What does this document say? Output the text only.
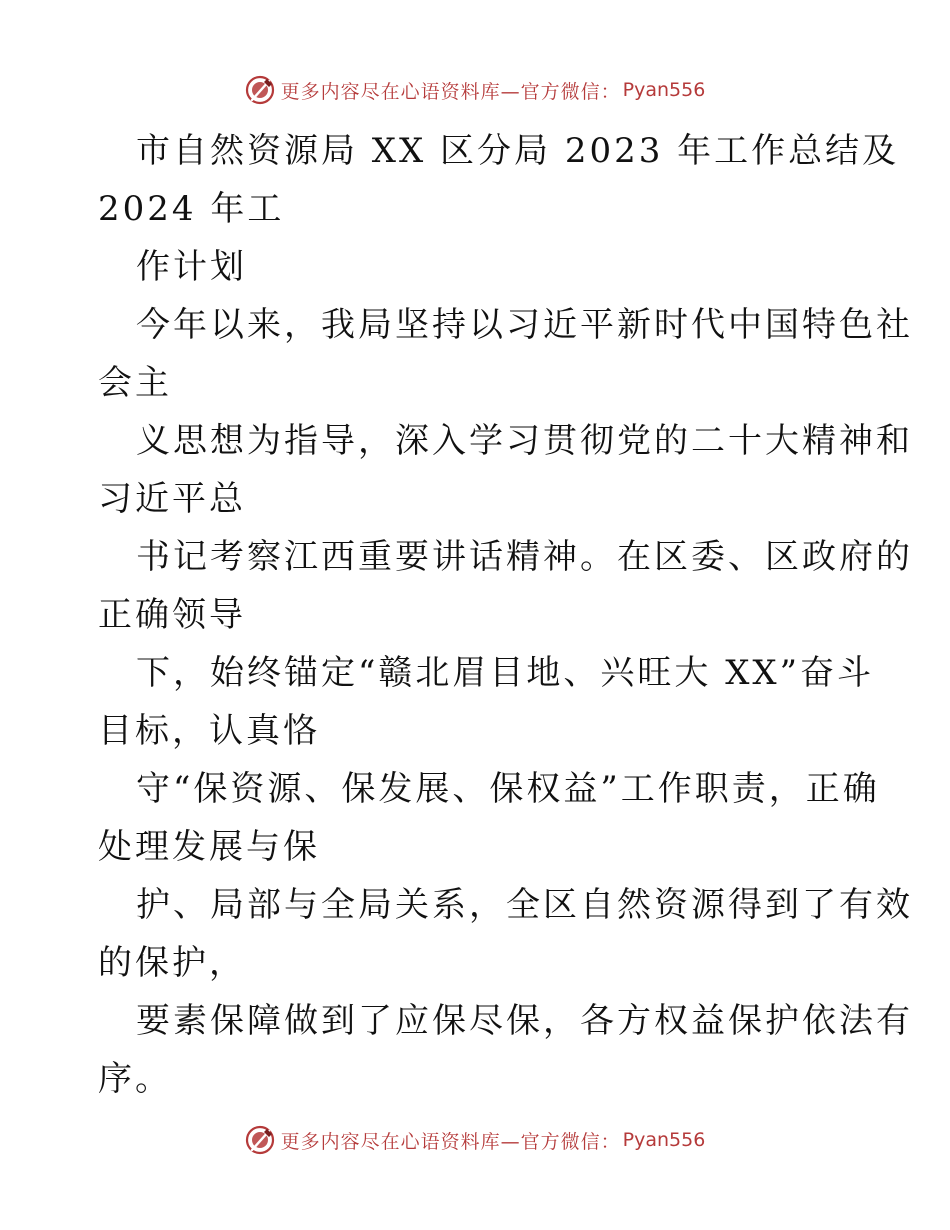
更多内容尽在心语资料库—官方微信： Pyan556
市自然资源局 XX 区分局 2023 年工作总结及
2024 年工
作计划
今年以来，我局坚持以习近平新时代中国特色社
会主
义思想为指导，深入学习贯彻党的二十大精神和
习近平总
书记考察江西重要讲话精神。在区委、区政府的
正确领导
下，始终锚定“赣北眉目地、兴旺大 XX”奋斗
目标，认真恪
守“保资源、保发展、保权益”工作职责，正确
处理发展与保
护、局部与全局关系，全区自然资源得到了有效
的保护，
要素保障做到了应保尽保，各方权益保护依法有
序。
更多内容尽在心语资料库—官方微信： Pyan556
